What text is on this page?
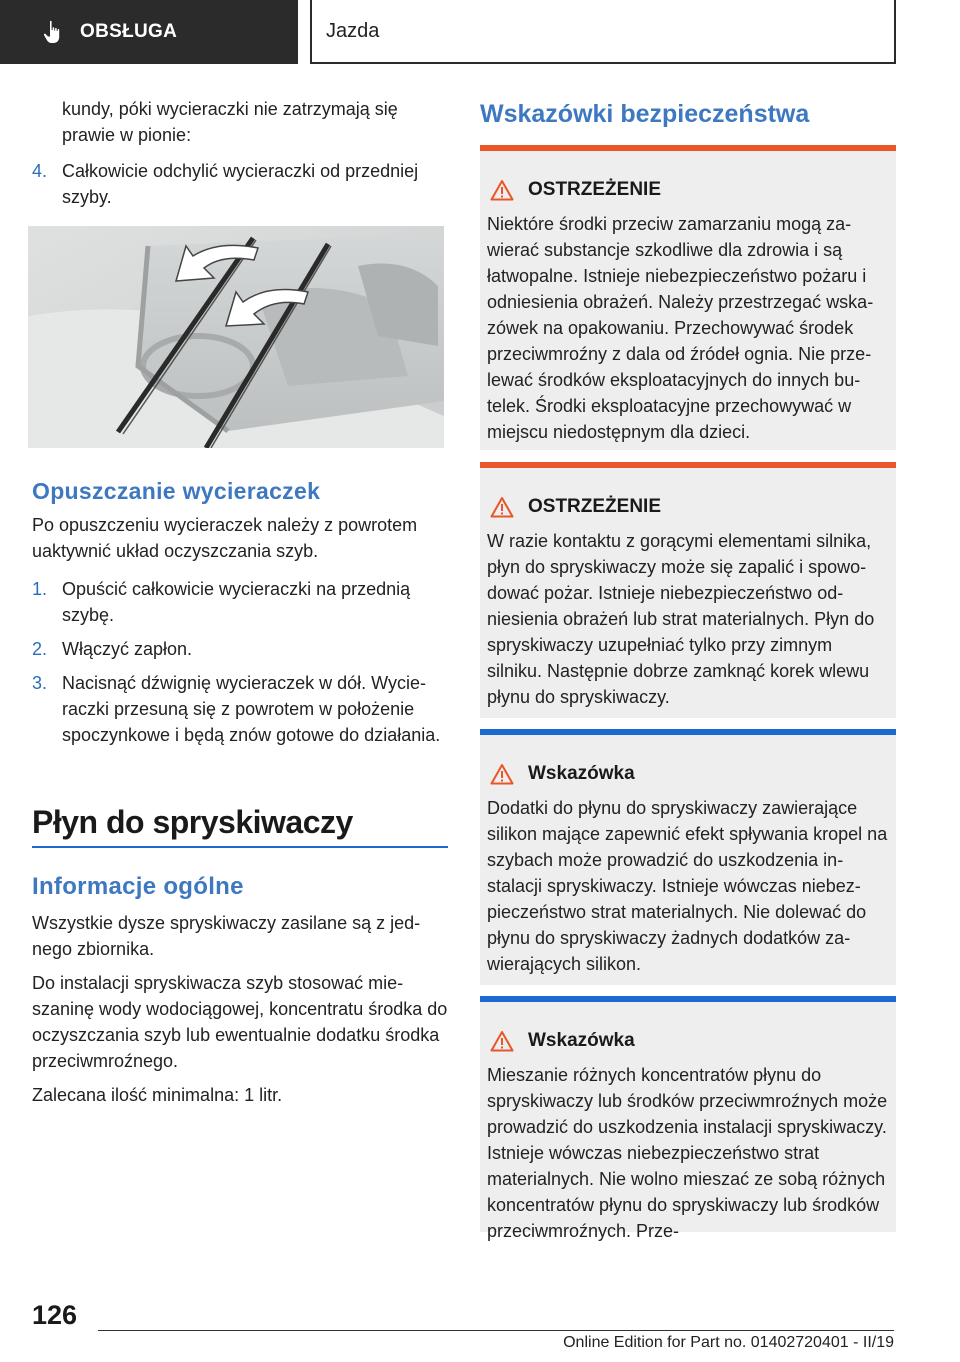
OBSŁUGA	Jazda

kundy, póki wycieraczki nie zatrzymają się prawie w pionie:

4. Całkowicie odchylić wycieraczki od przedniej szyby.
Opuszczanie wycieraczek

Po opuszczeniu wycieraczek należy z powrotem uaktywnić układ oczyszczania szyb.

1. Opuścić całkowicie wycieraczki na przednią szybę.
2. Włączyć zapłon.
3. Nacisnąć dźwignię wycieraczek w dół. Wycieraczki przesuną się z powrotem w położenie spoczynkowe i będą znów gotowe do działania.
Płyn do spryskiwaczy
Informacje ogólne

Wszystkie dysze spryskiwaczy zasilane są z jednego zbiornika.

Do instalacji spryskiwacza szyb stosować mieszaninę wody wodociągowej, koncentratu środka do oczyszczania szyb lub ewentualnie dodatku środka przeciwmroźnego.

Zalecana ilość minimalna: 1 litr.

Wskazówki bezpieczeństwa
OSTRZEŻENIE
Niektóre środki przeciw zamarzaniu mogą zawierać substancje szkodliwe dla zdrowia i są łatwopalne. Istnieje niebezpieczeństwo pożaru i odniesienia obrażeń. Należy przestrzegać wskazówek na opakowaniu. Przechowywać środek przeciwmroźny z dala od źródeł ognia. Nie przelewać środków eksploatacyjnych do innych butelek. Środki eksploatacyjne przechowywać w miejscu niedostępnym dla dzieci.
OSTRZEŻENIE
W razie kontaktu z gorącymi elementami silnika, płyn do spryskiwaczy może się zapalić i spowodować pożar. Istnieje niebezpieczeństwo odniesienia obrażeń lub strat materialnych. Płyn do spryskiwaczy uzupełniać tylko przy zimnym silniku. Następnie dobrze zamknąć korek wlewu płynu do spryskiwaczy.
Wskazówka
Dodatki do płynu do spryskiwaczy zawierające silikon mające zapewnić efekt spływania kropel na szybach może prowadzić do uszkodzenia instalacji spryskiwaczy. Istnieje wówczas niebezpieczeństwo strat materialnych. Nie dolewać do płynu do spryskiwaczy żadnych dodatków zawierających silikon.
Wskazówka
Mieszanie różnych koncentratów płynu do spryskiwaczy lub środków przeciwmroźnych może prowadzić do uszkodzenia instalacji spryskiwaczy. Istnieje wówczas niebezpieczeństwo strat materialnych. Nie wolno mieszać ze sobą różnych koncentratów płynu do spryskiwaczy lub środków przeciwmroźnych. Prze-
126
Online Edition for Part no. 01402720401 - II/19
